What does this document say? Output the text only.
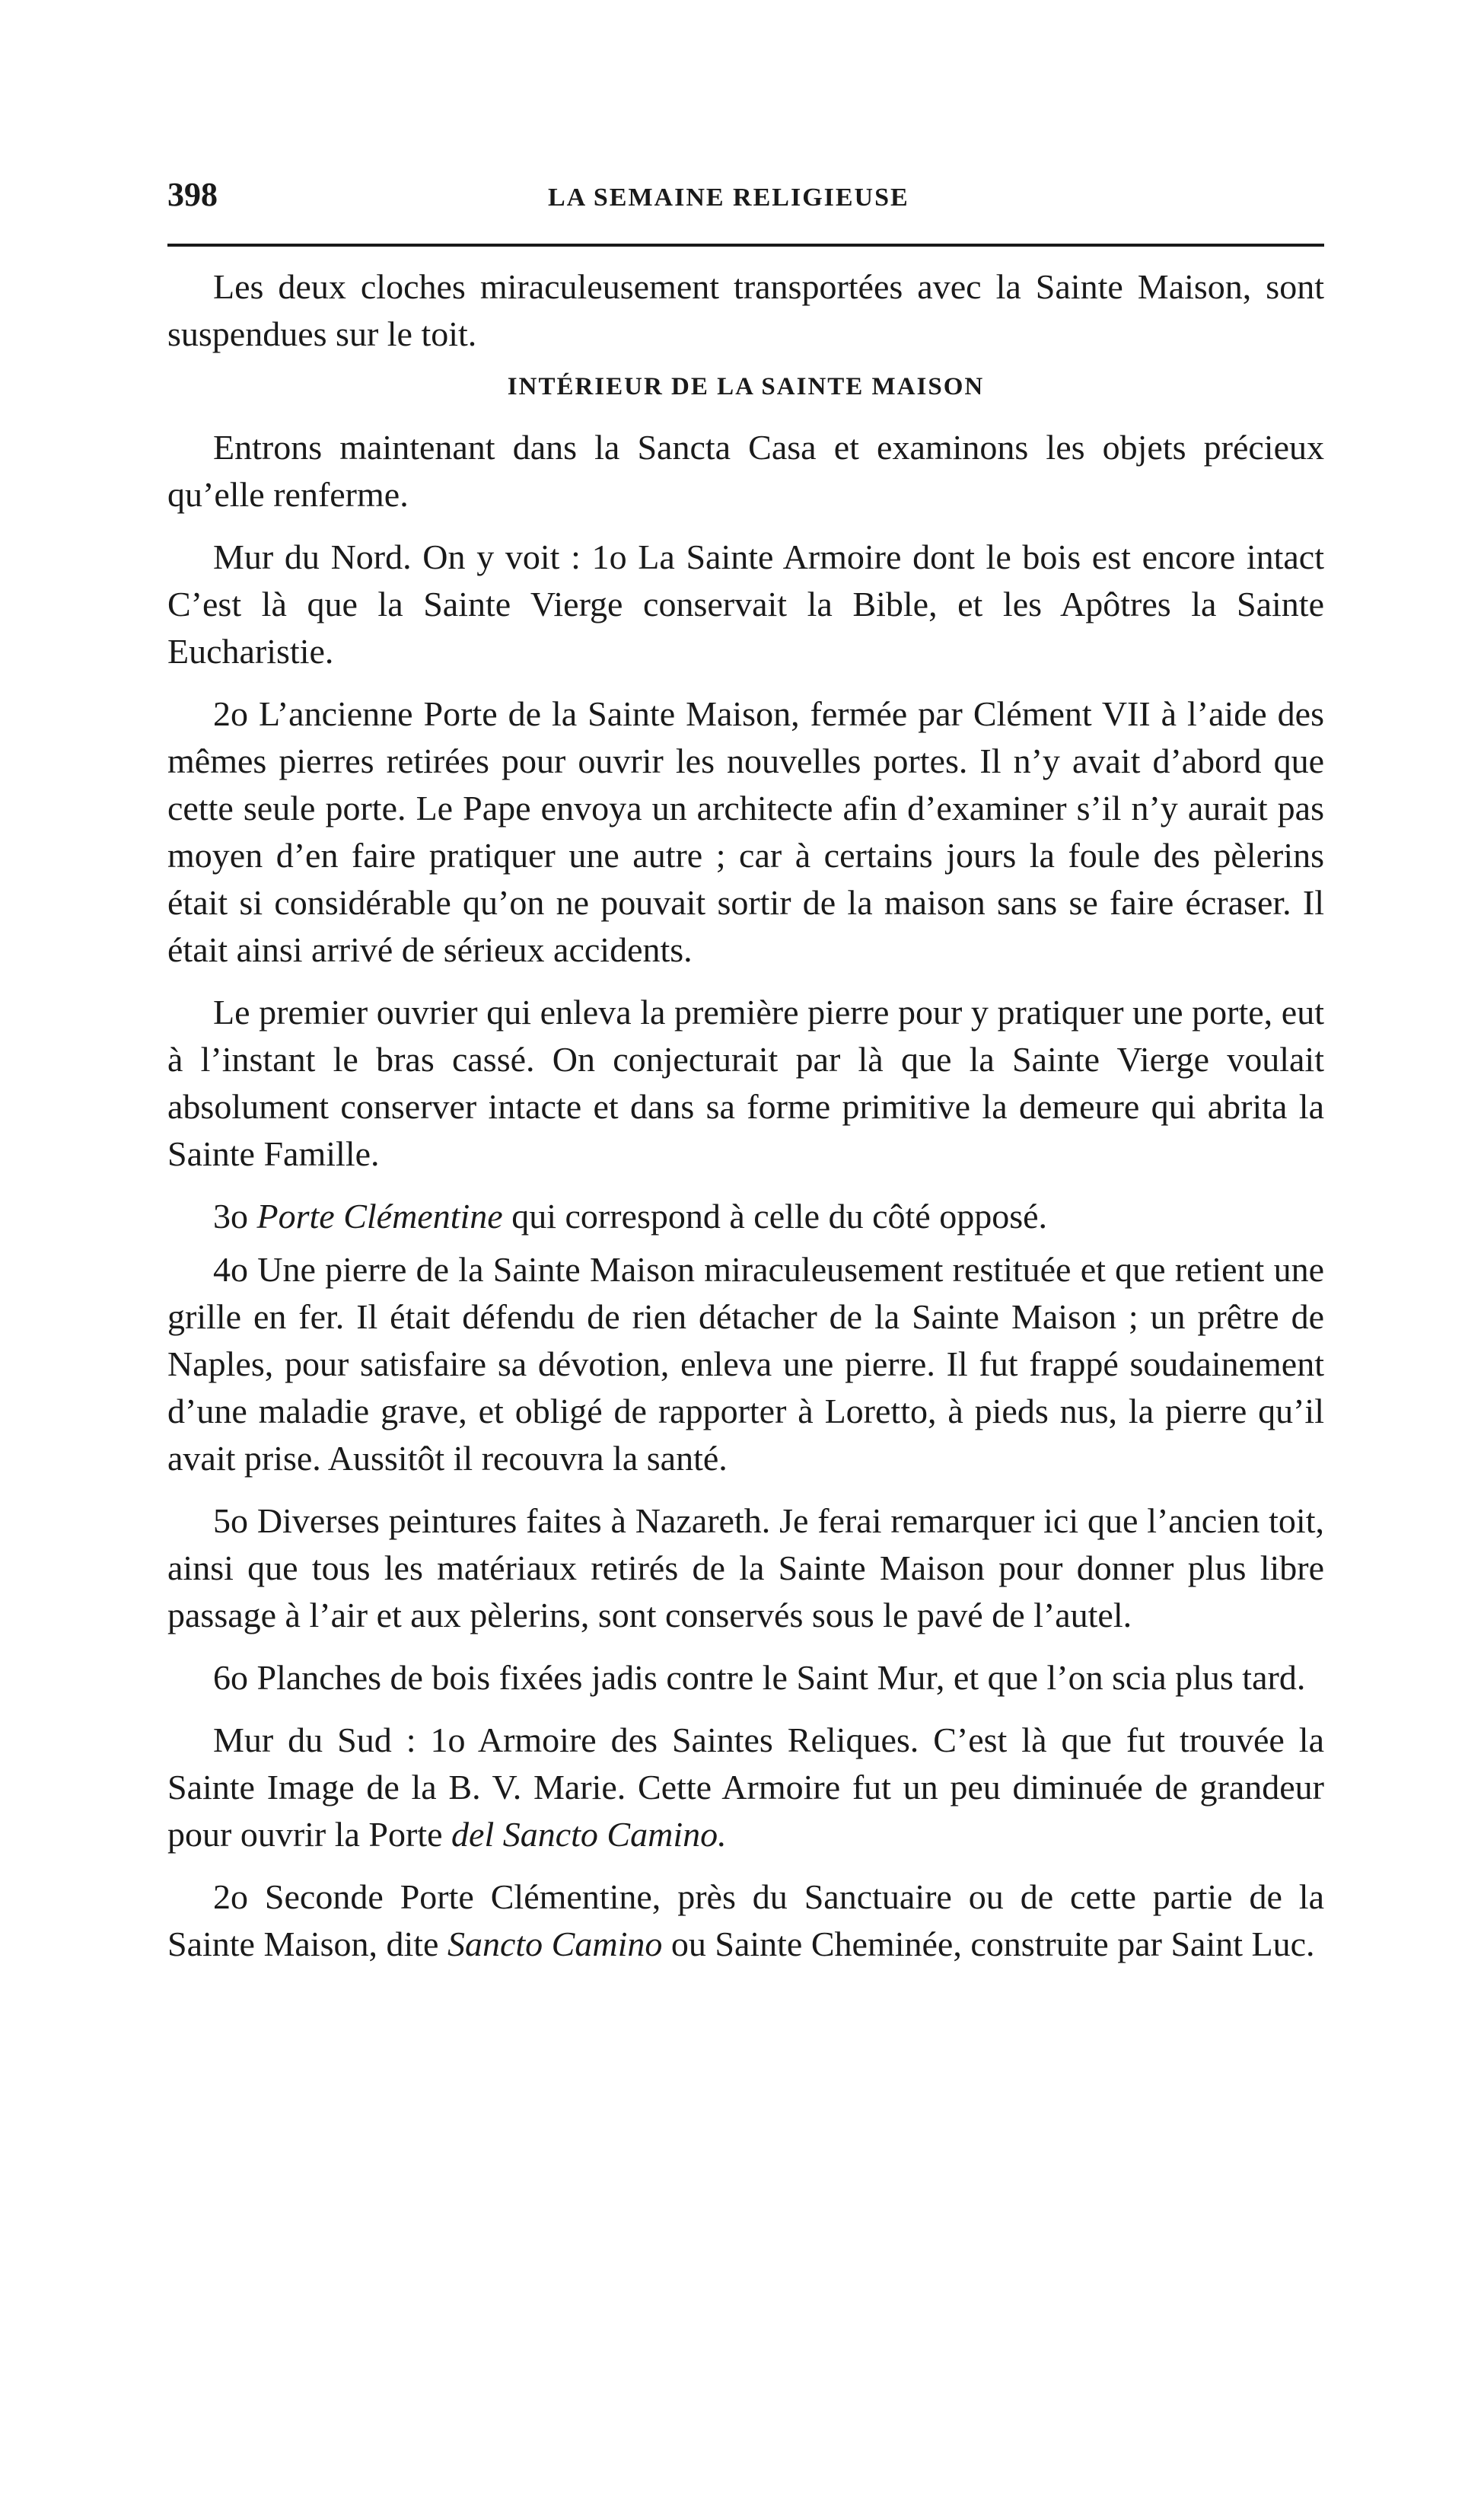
398	LA SEMAINE RELIGIEUSE

Les deux cloches miraculeusement transportées avec la Sainte Maison, sont suspendues sur le toit.

INTÉRIEUR DE LA SAINTE MAISON

Entrons maintenant dans la Sancta Casa et examinons les objets précieux qu’elle renferme.

Mur du Nord. On y voit : 1o La Sainte Armoire dont le bois est encore intact C’est là que la Sainte Vierge conservait la Bible, et les Apôtres la Sainte Eucharistie.

2o L’ancienne Porte de la Sainte Maison, fermée par Clément VII à l’aide des mêmes pierres retirées pour ouvrir les nouvelles portes. Il n’y avait d’abord que cette seule porte. Le Pape envoya un architecte afin d’examiner s’il n’y aurait pas moyen d’en faire pratiquer une autre ; car à certains jours la foule des pèlerins était si considérable qu’on ne pouvait sortir de la maison sans se faire écraser. Il était ainsi arrivé de sérieux accidents.

Le premier ouvrier qui enleva la première pierre pour y pratiquer une porte, eut à l’instant le bras cassé. On conjecturait par là que la Sainte Vierge voulait absolument conserver intacte et dans sa forme primitive la demeure qui abrita la Sainte Famille.

3o Porte Clémentine qui correspond à celle du côté opposé.

4o Une pierre de la Sainte Maison miraculeusement restituée et que retient une grille en fer. Il était défendu de rien détacher de la Sainte Maison ; un prêtre de Naples, pour satisfaire sa dévotion, enleva une pierre. Il fut frappé soudainement d’une maladie grave, et obligé de rapporter à Loretto, à pieds nus, la pierre qu’il avait prise. Aussitôt il recouvra la santé.

5o Diverses peintures faites à Nazareth. Je ferai remarquer ici que l’ancien toit, ainsi que tous les matériaux retirés de la Sainte Maison pour donner plus libre passage à l’air et aux pèlerins, sont conservés sous le pavé de l’autel.

6o Planches de bois fixées jadis contre le Saint Mur, et que l’on scia plus tard.

Mur du Sud : 1o Armoire des Saintes Reliques. C’est là que fut trouvée la Sainte Image de la B. V. Marie. Cette Armoire fut un peu diminuée de grandeur pour ouvrir la Porte del Sancto Camino.

2o Seconde Porte Clémentine, près du Sanctuaire ou de cette partie de la Sainte Maison, dite Sancto Camino ou Sainte Cheminée, construite par Saint Luc.
